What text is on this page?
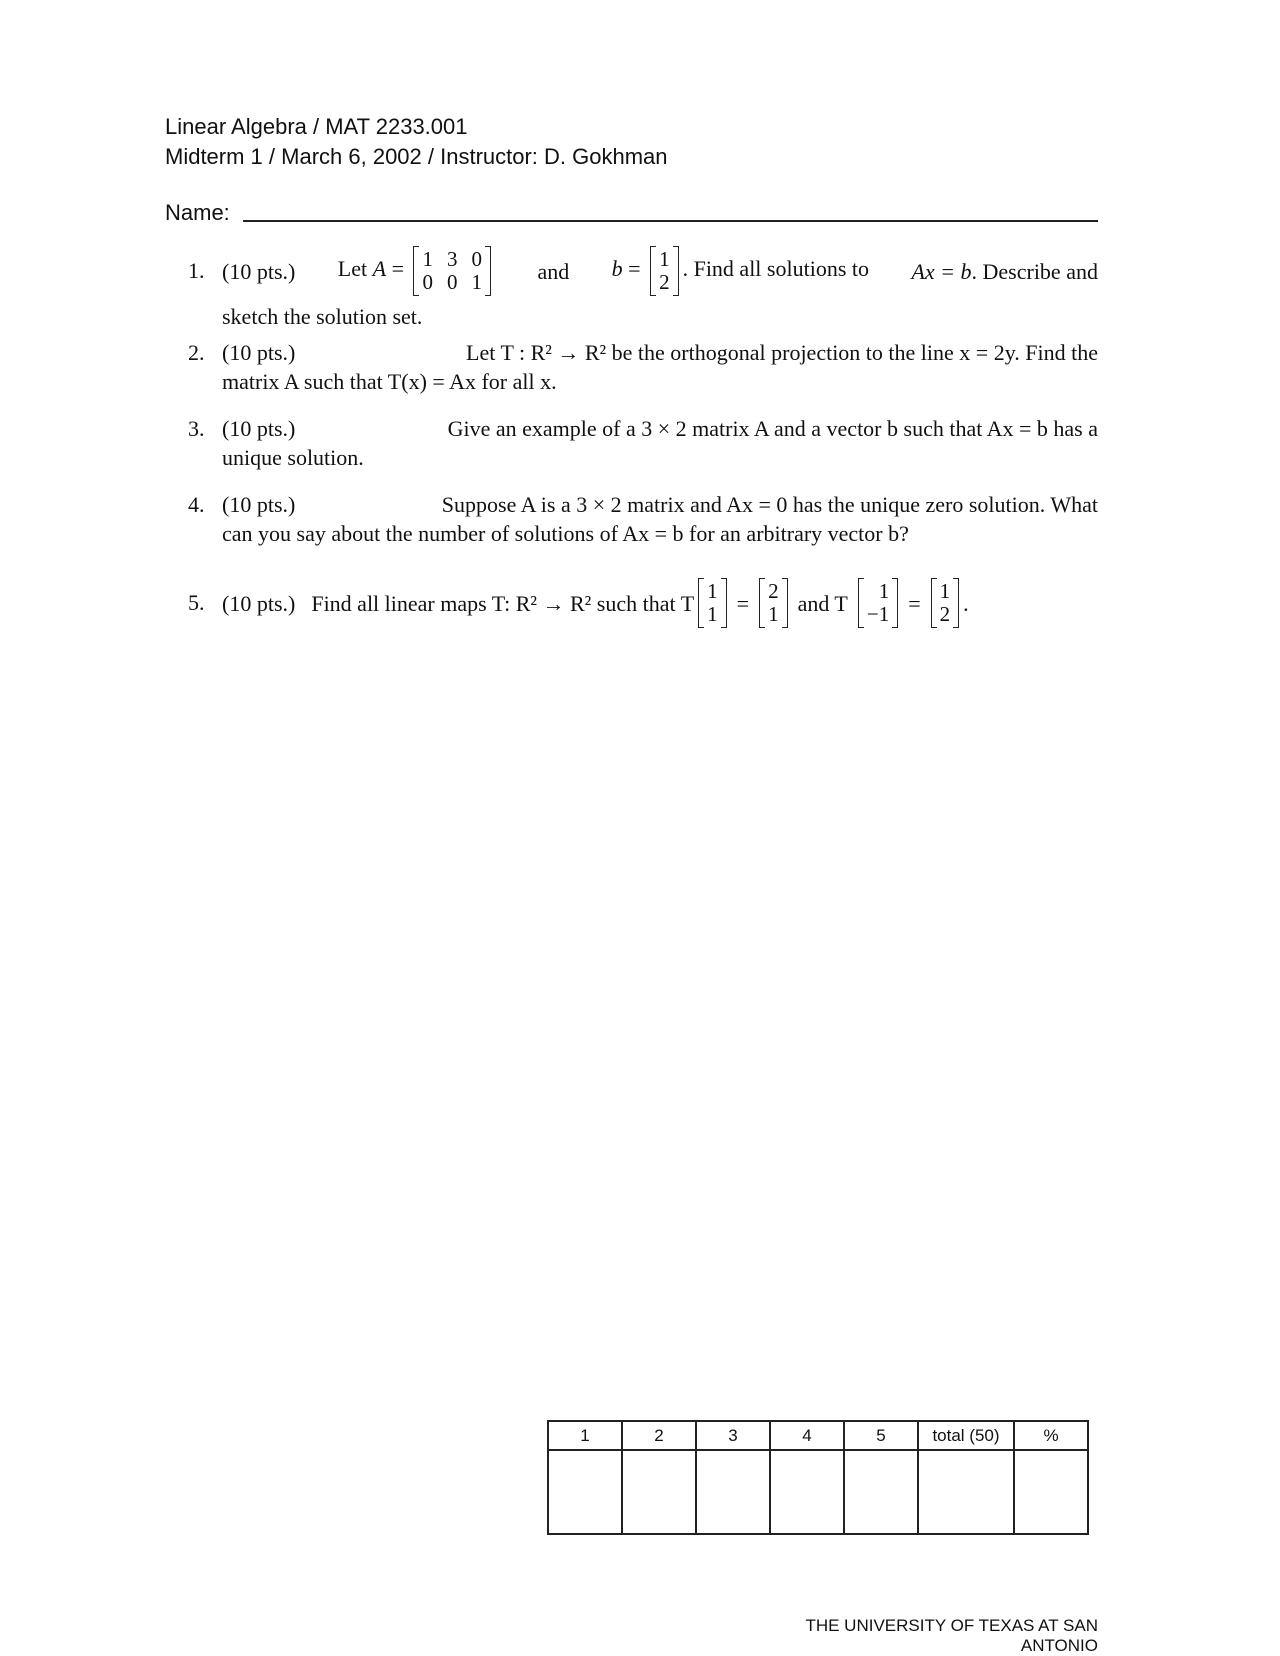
Linear Algebra / MAT 2233.001
Midterm 1 / March 6, 2002 / Instructor: D. Gokhman
Name:
1. (10 pts.) Let A = 1 3 0
0 0 1	and b = 1
2
. Find all solutions to Ax = b. Describe and
sketch the solution set.
2. (10 pts.)	Let T : R² → R² be the orthogonal projection to the line x = 2y. Find the
matrix A such that T(x) = Ax for all x.
3. (10 pts.)	Give an example of a 3 × 2 matrix A and a vector b such that Ax = b has a
unique solution.
4. (10 pts.)	Suppose A is a 3 × 2 matrix and Ax = 0 has the unique zero solution. What
can you say about the number of solutions of Ax = b for an arbitrary vector b?
5. (10 pts.) Find all linear maps T: R² → R² such that T 1
1 = 2
1 and T	1
−1 = 1
2 .
1	2	3	4	5	total (50)	%

THE UNIVERSITY OF TEXAS AT SAN ANTONIO
